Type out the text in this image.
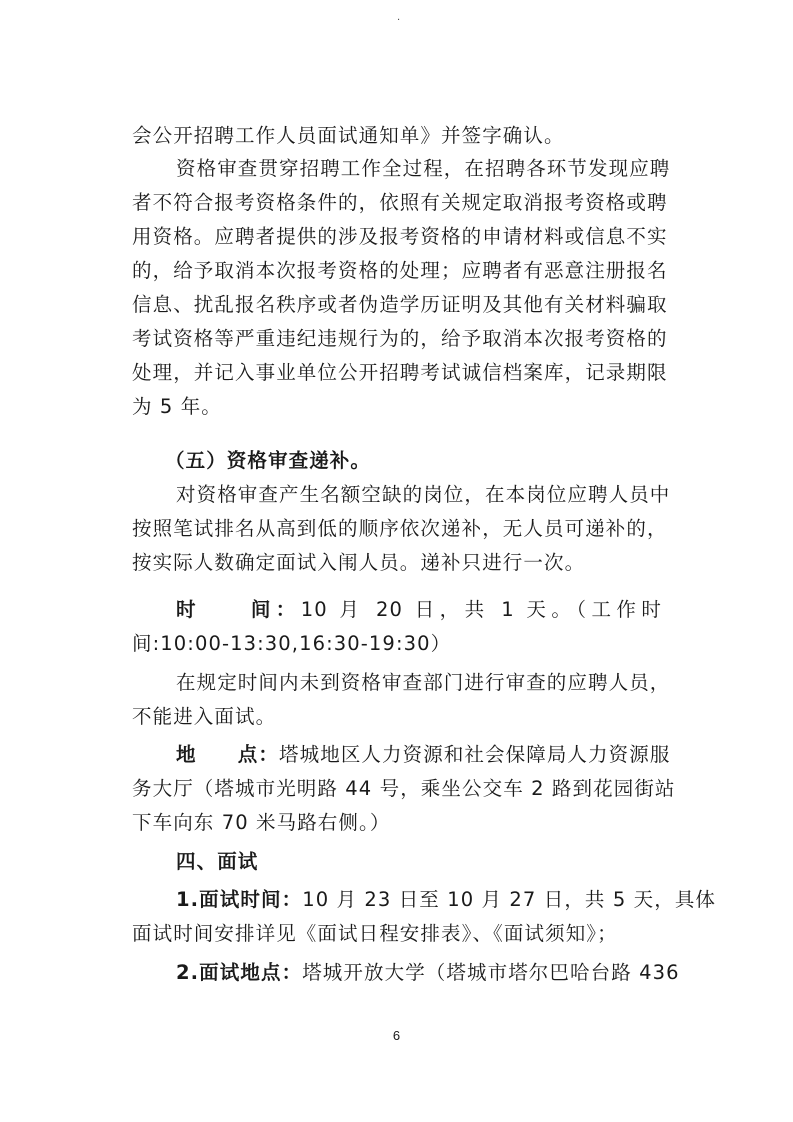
.
会公开招聘工作人员面试通知单》并签字确认。
资格审查贯穿招聘工作全过程，在招聘各环节发现应聘
者不符合报考资格条件的，依照有关规定取消报考资格或聘
用资格。应聘者提供的涉及报考资格的申请材料或信息不实
的，给予取消本次报考资格的处理；应聘者有恶意注册报名
信息、扰乱报名秩序或者伪造学历证明及其他有关材料骗取
考试资格等严重违纪违规行为的，给予取消本次报考资格的
处理，并记入事业单位公开招聘考试诚信档案库，记录期限
为 5 年。
（五）资格审查递补。
对资格审查产生名额空缺的岗位，在本岗位应聘人员中
按照笔试排名从高到低的顺序依次递补，无人员可递补的，
按实际人数确定面试入闱人员。递补只进行一次。
时　　间：10 月 20 日，共 1 天。（工作时
间:10:00-13:30,16:30-19:30）
在规定时间内未到资格审查部门进行审查的应聘人员，
不能进入面试。
地　　点：塔城地区人力资源和社会保障局人力资源服
务大厅（塔城市光明路 44 号，乘坐公交车 2 路到花园街站
下车向东 70 米马路右侧。）
四、面试
1.面试时间：10 月 23 日至 10 月 27 日，共 5 天，具体
面试时间安排详见《面试日程安排表》、《面试须知》；
2.面试地点：塔城开放大学（塔城市塔尔巴哈台路 436
6
